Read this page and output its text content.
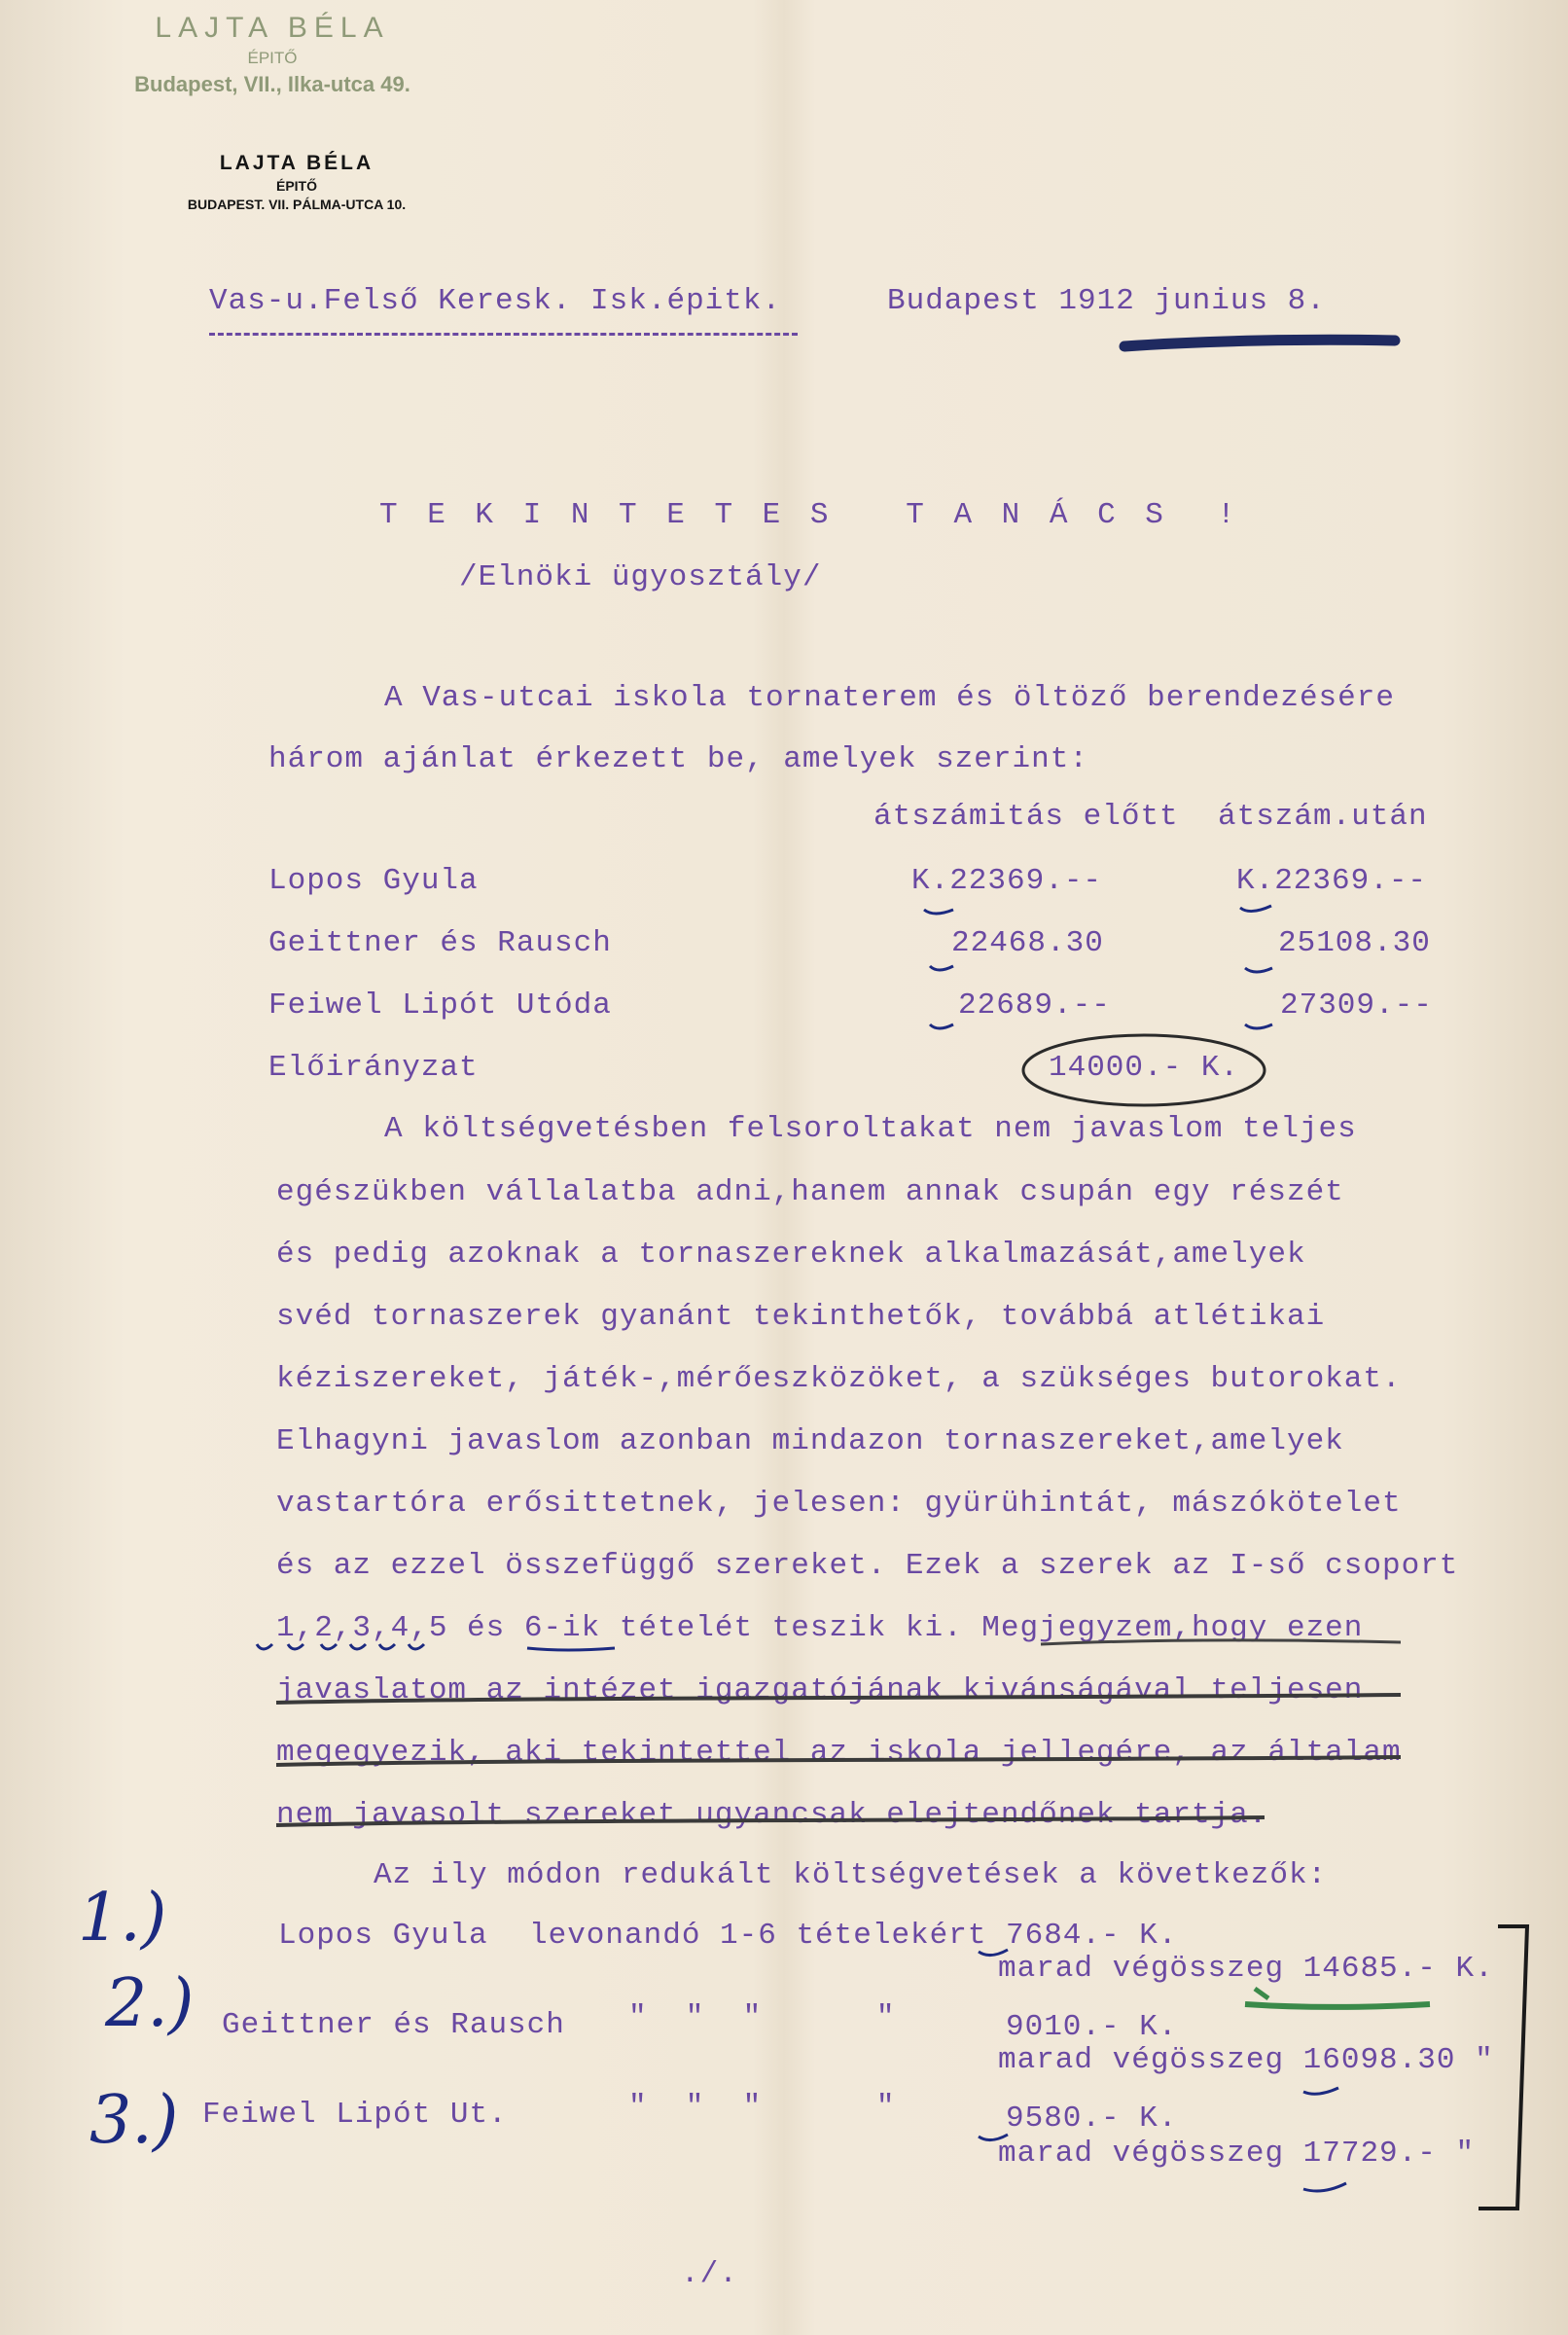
LAJTA BÉLA
ÉPITŐ
Budapest, VII., Ilka-utca 49.
LAJTA BÉLA
ÉPITŐ
BUDAPEST. VII. PÁLMA-UTCA 10.
Vas-u.Felső Keresk. Isk.épitk.	Budapest 1912 junius 8.
T E K I N T E T E S   T A N Á C S  !
/Elnöki ügyosztály/
A Vas-utcai iskola tornaterem és öltöző berendezésére
három ajánlat érkezett be, amelyek szerint:
átszámitás előtt átszám.után
Lopos Gyula	K.22369.--	K.22369.--
Geittner és Rausch	22468.30	25108.30
Feiwel Lipót Utóda	22689.--	27309.--
Előirányzat	14000.- K.
A költségvetésben felsoroltakat nem javaslom teljes
egészükben vállalatba adni,hanem annak csupán egy részét
és pedig azoknak a tornaszereknek alkalmazását,amelyek
svéd tornaszerek gyanánt tekinthetők, továbbá atlétikai
kéziszereket, játék-,mérőeszközöket, a szükséges butorokat.
Elhagyni javaslom azonban mindazon tornaszereket,amelyek
vastartóra erősittetnek, jelesen: gyürühintát, mászókötelet
és az ezzel összefüggő szereket. Ezek a szerek az I-ső csoport
1,2,3,4,5 és 6-ik tételét teszik ki. Megjegyzem,hogy ezen
javaslatom az intézet igazgatójának kivánságával teljesen
megegyezik, aki tekintettel az iskola jellegére, az általam
nem javasolt szereket ugyancsak elejtendőnek tartja.
Az ily módon redukált költségvetések a következők:
1.)	Lopos Gyula levonandó 1-6 tételekért 7684.- K.
marad végösszeg 14685.- K.
2.) Geittner és Rausch "  "  "      "	9010.- K.
marad végösszeg 16098.30 "
3.) Feiwel Lipót Ut.	"  "  "      "	9580.- K.
marad végösszeg 17729.- "
./.
